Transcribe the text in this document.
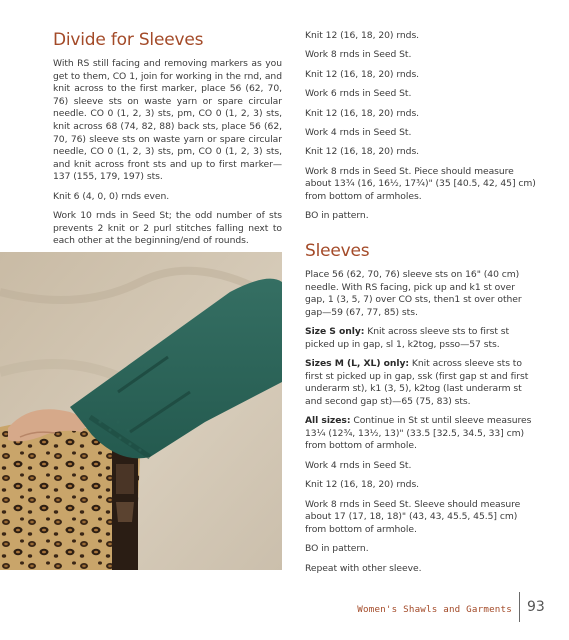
Divide for Sleeves

With RS still facing and removing markers as you get to them, CO 1, join for working in the rnd, and knit across to the first marker, place 56 (62, 70, 76) sleeve sts on waste yarn or spare circular needle. CO 0 (1, 2, 3) sts, pm, CO 0 (1, 2, 3) sts, knit across 68 (74, 82, 88) back sts, place 56 (62, 70, 76) sleeve sts on waste yarn or spare circular needle, CO 0 (1, 2, 3) sts, pm, CO 0 (1, 2, 3) sts, and knit across front sts and up to first marker—137 (155, 179, 197) sts.

Knit 6 (4, 0, 0) rnds even.

Work 10 rnds in Seed St; the odd number of sts prevents 2 knit or 2 purl stitches falling next to each other at the beginning/end of rounds.

Knit 12 (16, 18, 20) rnds.

Work 8 rnds in Seed St.

Knit 12 (16, 18, 20) rnds.

Work 6 rnds in Seed St.

Knit 12 (16, 18, 20) rnds.

Work 4 rnds in Seed St.

Knit 12 (16, 18, 20) rnds.

Work 8 rnds in Seed St. Piece should measure about 13¾ (16, 16½, 17¾)" (35 [40.5, 42, 45] cm) from bottom of armholes.

BO in pattern.

Sleeves

Place 56 (62, 70, 76) sleeve sts on 16" (40 cm) needle. With RS facing, pick up and k1 st over gap, 1 (3, 5, 7) over CO sts, then1 st over other gap—59 (67, 77, 85) sts.

Size S only: Knit across sleeve sts to first st picked up in gap, sl 1, k2tog, psso—57 sts.

Sizes M (L, XL) only: Knit across sleeve sts to first st picked up in gap, ssk (first gap st and first underarm st), k1 (3, 5), k2tog (last underarm st and second gap st)—65 (75, 83) sts.

All sizes: Continue in St st until sleeve measures 13¼ (12¾, 13½, 13)" (33.5 [32.5, 34.5, 33] cm) from bottom of armhole.

Work 4 rnds in Seed St.

Knit 12 (16, 18, 20) rnds.

Work 8 rnds in Seed St. Sleeve should measure about 17 (17, 18, 18)" (43, 43, 45.5, 45.5] cm) from bottom of armhole.

BO in pattern.

Repeat with other sleeve.

Women's Shawls and Garments 93
